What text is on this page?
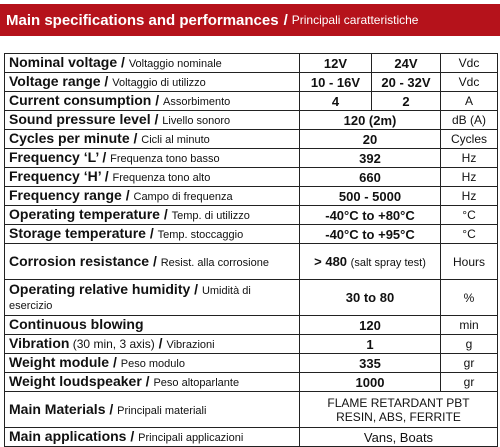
Main specifications and performances / Principali caratteristiche
Nominal voltage / Voltaggio nominale	12V	24V	Vdc
Voltage range / Voltaggio di utilizzo	10 - 16V	20 - 32V	Vdc
Current consumption / Assorbimento	4	2	A
Sound pressure level / Livello sonoro	120 (2m)		dB (A)
Cycles per minute / Cicli al minuto	20		Cycles
Frequency ‘L’ / Frequenza tono basso	392		Hz
Frequency ‘H’ / Frequenza tono alto	660		Hz
Frequency range / Campo di frequenza	500 - 5000		Hz
Operating temperature / Temp. di utilizzo	-40°C to +80°C		°C
Storage temperature / Temp. stoccaggio	-40°C to +95°C		°C
Corrosion resistance / Resist. alla corrosione	> 480 (salt spray test)		Hours
Operating relative humidity / Umidità di esercizio	30 to 80		%
Continuous blowing	120		min
Vibration (30 min, 3 axis) / Vibrazioni	1		g
Weight module / Peso modulo	335		gr
Weight loudspeaker / Peso altoparlante	1000		gr
Main Materials / Principali materiali	FLAME RETARDANT PBT
RESIN, ABS, FERRITE		
Main applications / Principali applicazioni	Vans, Boats		
